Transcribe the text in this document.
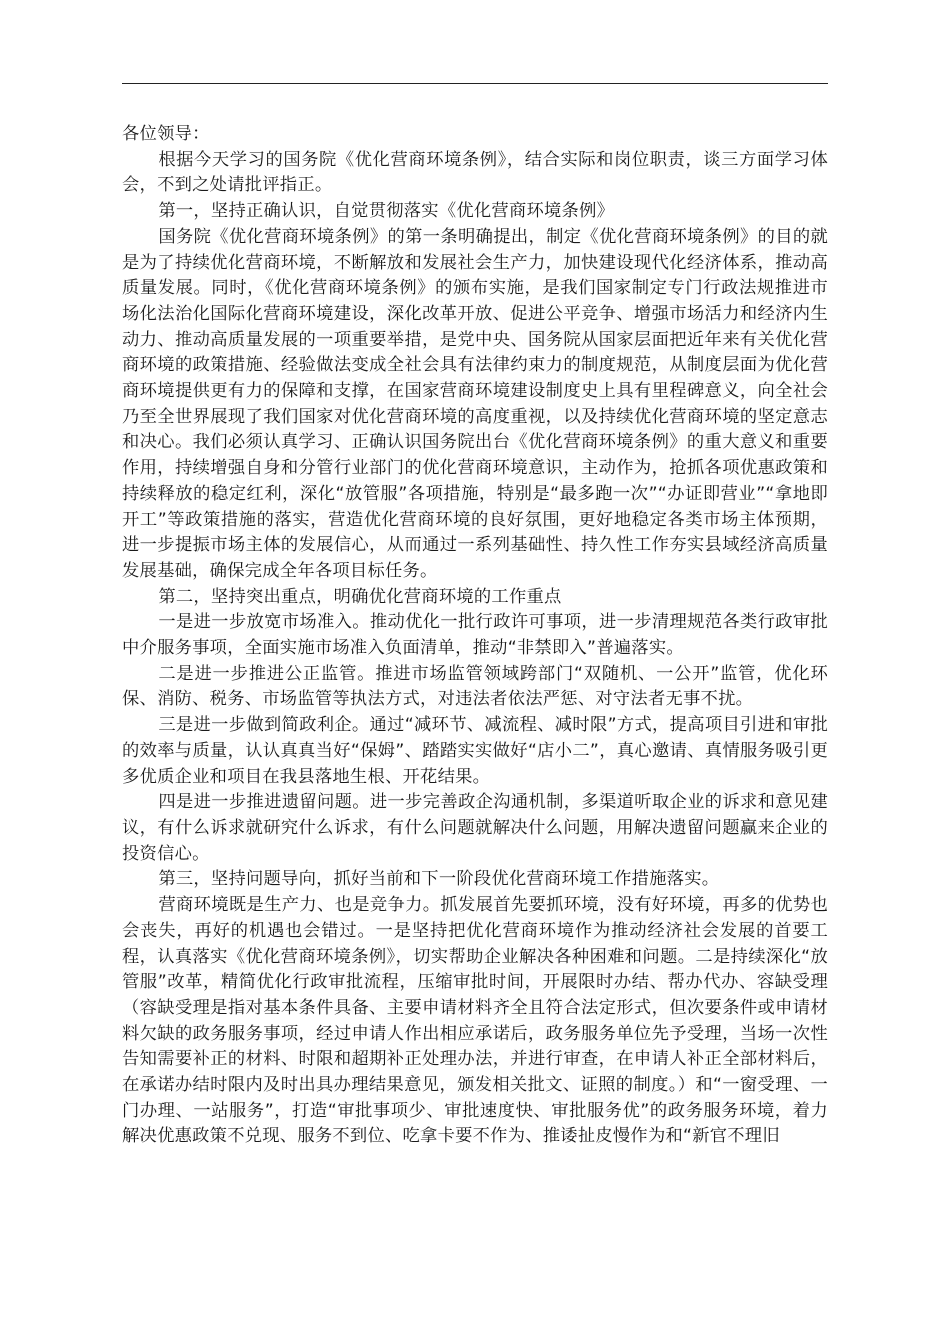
各位领导：

根据今天学习的国务院《优化营商环境条例》，结合实际和岗位职责，谈三方面学习体会，不到之处请批评指正。

第一，坚持正确认识，自觉贯彻落实《优化营商环境条例》

国务院《优化营商环境条例》的第一条明确提出，制定《优化营商环境条例》的目的就是为了持续优化营商环境，不断解放和发展社会生产力，加快建设现代化经济体系，推动高质量发展。同时，《优化营商环境条例》的颁布实施，是我们国家制定专门行政法规推进市场化法治化国际化营商环境建设，深化改革开放、促进公平竞争、增强市场活力和经济内生动力、推动高质量发展的一项重要举措，是党中央、国务院从国家层面把近年来有关优化营商环境的政策措施、经验做法变成全社会具有法律约束力的制度规范，从制度层面为优化营商环境提供更有力的保障和支撑，在国家营商环境建设制度史上具有里程碑意义，向全社会乃至全世界展现了我们国家对优化营商环境的高度重视，以及持续优化营商环境的坚定意志和决心。我们必须认真学习、正确认识国务院出台《优化营商环境条例》的重大意义和重要作用，持续增强自身和分管行业部门的优化营商环境意识，主动作为，抢抓各项优惠政策和持续释放的稳定红利，深化“放管服”各项措施，特别是“最多跑一次”“办证即营业”“拿地即开工”等政策措施的落实，营造优化营商环境的良好氛围，更好地稳定各类市场主体预期，进一步提振市场主体的发展信心，从而通过一系列基础性、持久性工作夯实县域经济高质量发展基础，确保完成全年各项目标任务。

第二，坚持突出重点，明确优化营商环境的工作重点

一是进一步放宽市场准入。推动优化一批行政许可事项，进一步清理规范各类行政审批中介服务事项，全面实施市场准入负面清单，推动“非禁即入”普遍落实。

二是进一步推进公正监管。推进市场监管领域跨部门“双随机、一公开”监管，优化环保、消防、税务、市场监管等执法方式，对违法者依法严惩、对守法者无事不扰。

三是进一步做到简政利企。通过“减环节、减流程、减时限”方式，提高项目引进和审批的效率与质量，认认真真当好“保姆”、踏踏实实做好“店小二”，真心邀请、真情服务吸引更多优质企业和项目在我县落地生根、开花结果。

四是进一步推进遗留问题。进一步完善政企沟通机制，多渠道听取企业的诉求和意见建议，有什么诉求就研究什么诉求，有什么问题就解决什么问题，用解决遗留问题赢来企业的投资信心。

第三，坚持问题导向，抓好当前和下一阶段优化营商环境工作措施落实。

营商环境既是生产力、也是竞争力。抓发展首先要抓环境，没有好环境，再多的优势也会丧失，再好的机遇也会错过。一是坚持把优化营商环境作为推动经济社会发展的首要工程，认真落实《优化营商环境条例》，切实帮助企业解决各种困难和问题。二是持续深化“放管服”改革，精简优化行政审批流程，压缩审批时间，开展限时办结、帮办代办、容缺受理（容缺受理是指对基本条件具备、主要申请材料齐全且符合法定形式，但次要条件或申请材料欠缺的政务服务事项，经过申请人作出相应承诺后，政务服务单位先予受理，当场一次性告知需要补正的材料、时限和超期补正处理办法，并进行审查，在申请人补正全部材料后，在承诺办结时限内及时出具办理结果意见，颁发相关批文、证照的制度。）和“一窗受理、一门办理、一站服务”，打造“审批事项少、审批速度快、审批服务优”的政务服务环境，着力解决优惠政策不兑现、服务不到位、吃拿卡要不作为、推诿扯皮慢作为和“新官不理旧
